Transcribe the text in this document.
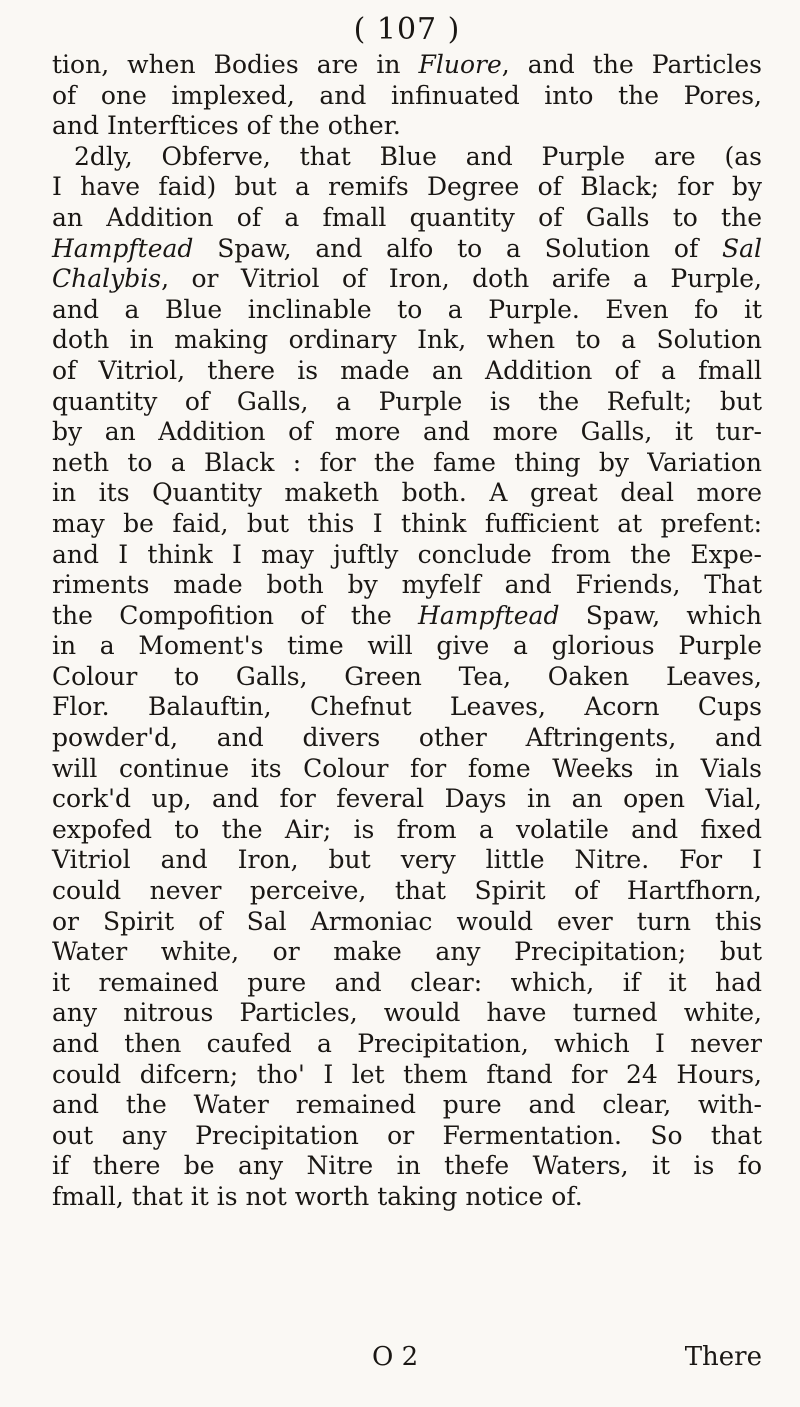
( 107 )
tion, when Bodies are in Fluore, and the Particles
of one implexed, and infinuated into the Pores,
and Interftices of the other.
2dly, Obferve, that Blue and Purple are (as
I have faid) but a remifs Degree of Black; for by
an Addition of a fmall quantity of Galls to the
Hampftead Spaw, and alfo to a Solution of Sal
Chalybis, or Vitriol of Iron, doth arife a Purple,
and a Blue inclinable to a Purple. Even fo it
doth in making ordinary Ink, when to a Solution
of Vitriol, there is made an Addition of a fmall
quantity of Galls, a Purple is the Refult; but
by an Addition of more and more Galls, it tur-
neth to a Black : for the fame thing by Variation
in its Quantity maketh both. A great deal more
may be faid, but this I think fufficient at prefent:
and I think I may juftly conclude from the Expe-
riments made both by myfelf and Friends, That
the Compofition of the Hampftead Spaw, which
in a Moment's time will give a glorious Purple
Colour to Galls, Green Tea, Oaken Leaves,
Flor. Balauftin, Chefnut Leaves, Acorn Cups
powder'd, and divers other Aftringents, and
will continue its Colour for fome Weeks in Vials
cork'd up, and for feveral Days in an open Vial,
expofed to the Air; is from a volatile and fixed
Vitriol and Iron, but very little Nitre. For I
could never perceive, that Spirit of Hartfhorn,
or Spirit of Sal Armoniac would ever turn this
Water white, or make any Precipitation; but
it remained pure and clear: which, if it had
any nitrous Particles, would have turned white,
and then caufed a Precipitation, which I never
could difcern; tho' I let them ftand for 24 Hours,
and the Water remained pure and clear, with-
out any Precipitation or Fermentation. So that
if there be any Nitre in thefe Waters, it is fo
fmall, that it is not worth taking notice of.
O 2	There
